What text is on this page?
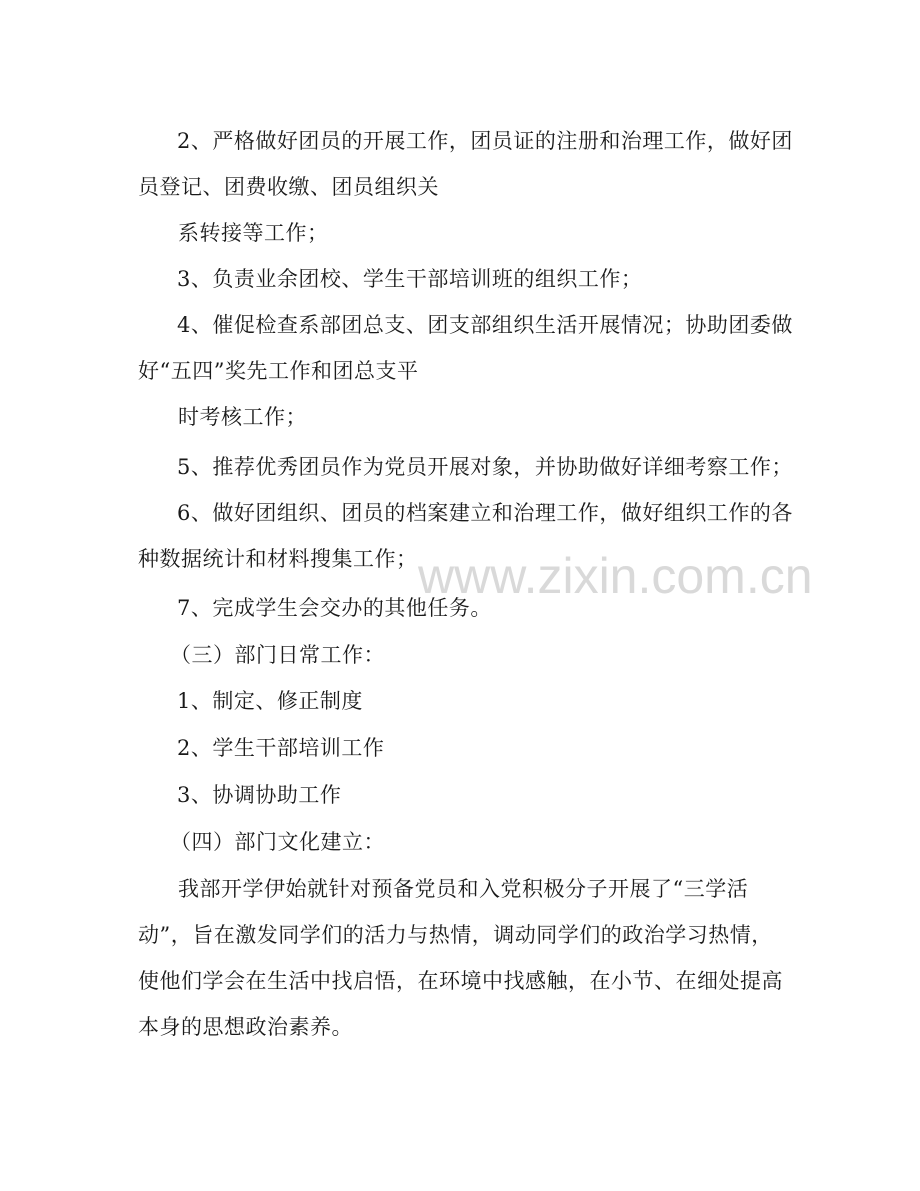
2、严格做好团员的开展工作，团员证的注册和治理工作，做好团
员登记、团费收缴、团员组织关
系转接等工作；
3、负责业余团校、学生干部培训班的组织工作；
4、催促检查系部团总支、团支部组织生活开展情况；协助团委做
好“五四”奖先工作和团总支平
时考核工作；
5、推荐优秀团员作为党员开展对象，并协助做好详细考察工作；
6、做好团组织、团员的档案建立和治理工作，做好组织工作的各
种数据统计和材料搜集工作；
7、完成学生会交办的其他任务。
（三）部门日常工作：
1、制定、修正制度
2、学生干部培训工作
3、协调协助工作
（四）部门文化建立：
我部开学伊始就针对预备党员和入党积极分子开展了“三学活
动”，旨在激发同学们的活力与热情，调动同学们的政治学习热情，
使他们学会在生活中找启悟，在环境中找感触，在小节、在细处提高
本身的思想政治素养。
www.zixin.com.cn
